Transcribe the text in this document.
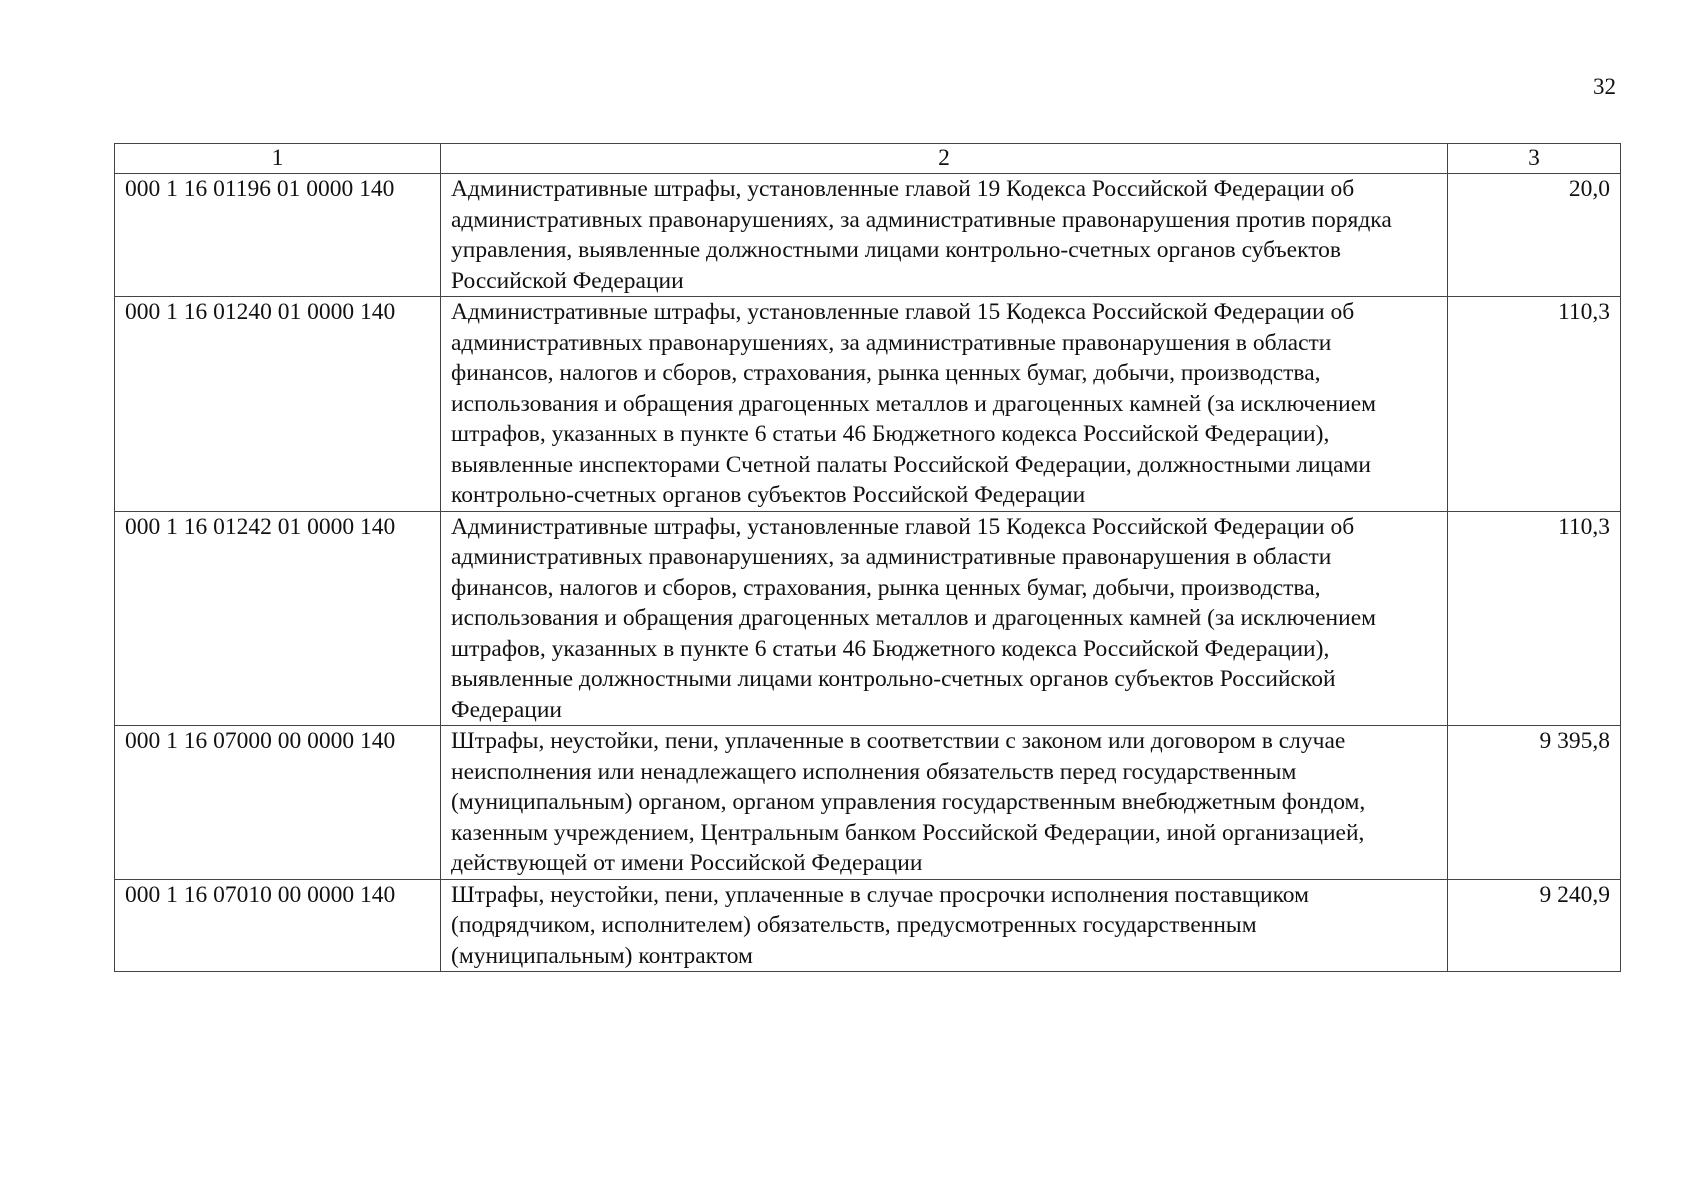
32
1	2	3
000 1 16 01196 01 0000 140	Административные штрафы, установленные главой 19 Кодекса Российской Федерации об административных правонарушениях, за административные правонарушения против порядка управления, выявленные должностными лицами контрольно-счетных органов субъектов Российской Федерации	20,0
000 1 16 01240 01 0000 140	Административные штрафы, установленные главой 15 Кодекса Российской Федерации об административных правонарушениях, за административные правонарушения в области финансов, налогов и сборов, страхования, рынка ценных бумаг, добычи, производства, использования и обращения драгоценных металлов и драгоценных камней (за исключением штрафов, указанных в пункте 6 статьи 46 Бюджетного кодекса Российской Федерации), выявленные инспекторами Счетной палаты Российской Федерации, должностными лицами контрольно-счетных органов субъектов Российской Федерации	110,3
000 1 16 01242 01 0000 140	Административные штрафы, установленные главой 15 Кодекса Российской Федерации об административных правонарушениях, за административные правонарушения в области финансов, налогов и сборов, страхования, рынка ценных бумаг, добычи, производства, использования и обращения драгоценных металлов и драгоценных камней (за исключением штрафов, указанных в пункте 6 статьи 46 Бюджетного кодекса Российской Федерации), выявленные должностными лицами контрольно-счетных органов субъектов Российской Федерации	110,3
000 1 16 07000 00 0000 140	Штрафы, неустойки, пени, уплаченные в соответствии с законом или договором в случае неисполнения или ненадлежащего исполнения обязательств перед государственным (муниципальным) органом, органом управления государственным внебюджетным фондом, казенным учреждением, Центральным банком Российской Федерации, иной организацией, действующей от имени Российской Федерации	9 395,8
000 1 16 07010 00 0000 140	Штрафы, неустойки, пени, уплаченные в случае просрочки исполнения поставщиком (подрядчиком, исполнителем) обязательств, предусмотренных государственным (муниципальным) контрактом	9 240,9
